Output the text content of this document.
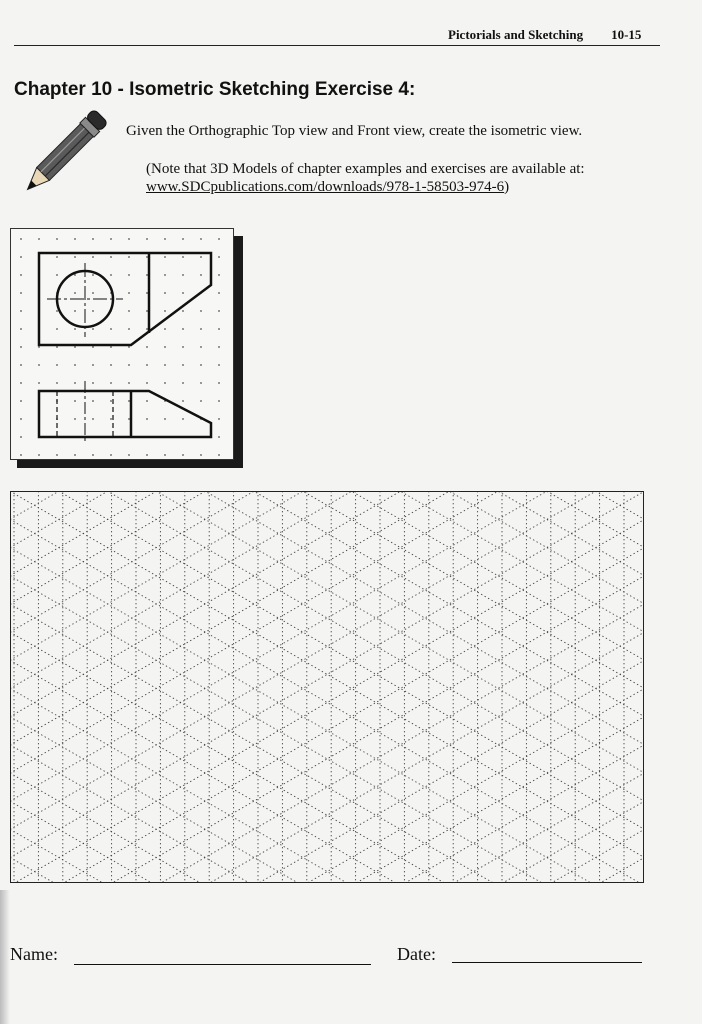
Pictorials and Sketching 10-15
Chapter 10 - Isometric Sketching Exercise 4:
Given the Orthographic Top view and Front view, create the isometric view.
(Note that 3D Models of chapter examples and exercises are available at: www.SDCpublications.com/downloads/978-1-58503-974-6)
Name:	Date:
